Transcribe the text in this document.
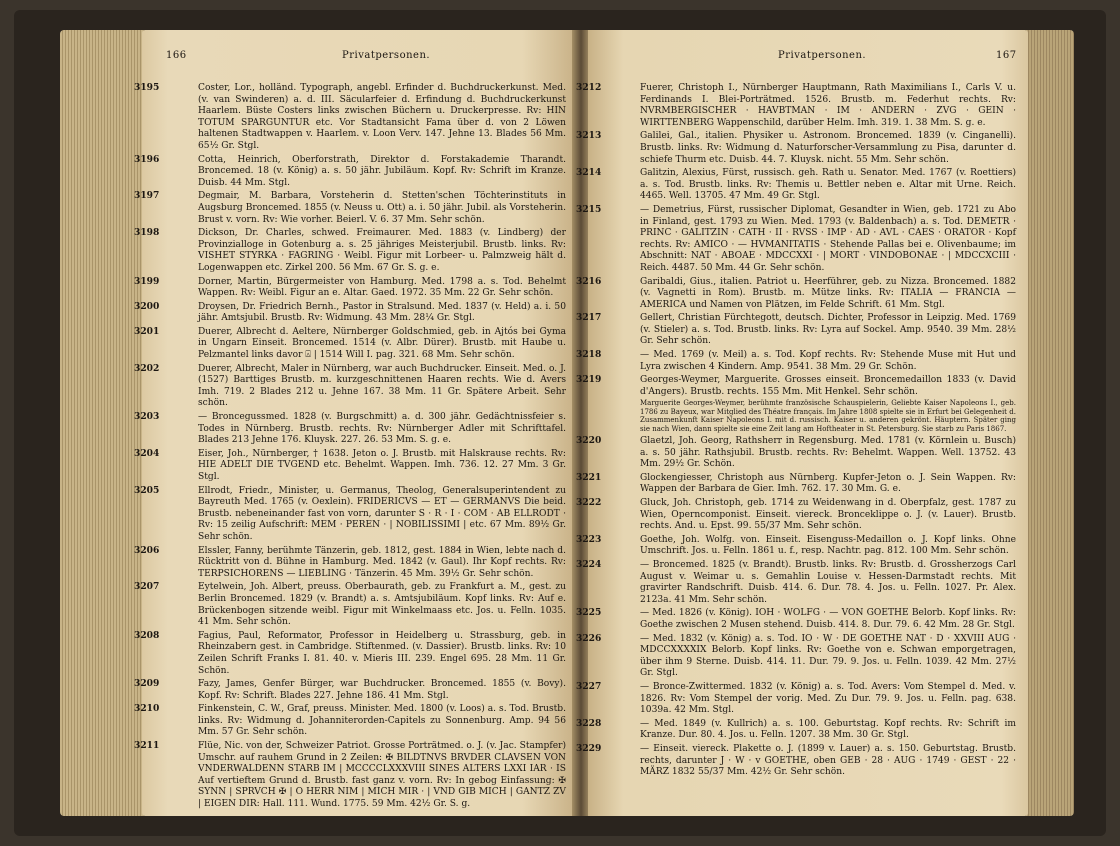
166	Privatpersonen.
3195	Coster, Lor., holländ. Typograph, angebl. Erfinder d. Buchdruckerkunst. Med. (v. van Swinderen) a. d. III. Säcularfeier d. Erfindung d. Buchdruckerkunst Haarlem. Büste Costers links zwischen Büchern u. Druckerpresse. Rv: HIN TOTUM SPARGUNTUR etc. Vor Stadtansicht Fama über d. von 2 Löwen haltenen Stadtwappen v. Haarlem. v. Loon Verv. 147. Jehne 13. Blades 56 Mm. 65½ Gr. Stgl.
3196	Cotta, Heinrich, Oberforstrath, Direktor d. Forstakademie Tharandt. Broncemed. 18 (v. König) a. s. 50 jähr. Jubiläum. Kopf. Rv: Schrift im Kranze. Duisb. 44 Mm. Stgl.
3197	Degmair, M. Barbara, Vorsteherin d. Stetten'schen Töchterinstituts in Augsburg Broncemed. 1855 (v. Neuss u. Ott) a. i. 50 jähr. Jubil. als Vorsteherin. Brust v. vorn. Rv: Wie vorher. Beierl. V. 6. 37 Mm. Sehr schön.
3198	Dickson, Dr. Charles, schwed. Freimaurer. Med. 1883 (v. Lindberg) der Provinzialloge in Gotenburg a. s. 25 jähriges Meisterjubil. Brustb. links. Rv: VISHET STYRKA · FAGRING · Weibl. Figur mit Lorbeer- u. Palmzweig hält d. Logenwappen etc. Zirkel 200. 56 Mm. 67 Gr. S. g. e.
3199	Dorner, Martin, Bürgermeister von Hamburg. Med. 1798 a. s. Tod. Behelmt Wappen. Rv: Weibl. Figur an e. Altar. Gaed. 1972. 35 Mm. 22 Gr. Sehr schön.
3200	Droysen, Dr. Friedrich Bernh., Pastor in Stralsund. Med. 1837 (v. Held) a. i. 50 jähr. Amtsjubil. Brustb. Rv: Widmung. 43 Mm. 28¼ Gr. Stgl.
3201	Duerer, Albrecht d. Aeltere, Nürnberger Goldschmied, geb. in Ajtós bei Gyma in Ungarn Einseit. Broncemed. 1514 (v. Albr. Dürer). Brustb. mit Haube u. Pelzmantel links davor ⍓ | 1514 Will I. pag. 321. 68 Mm. Sehr schön.
3202	Duerer, Albrecht, Maler in Nürnberg, war auch Buchdrucker. Einseit. Med. o. J. (1527) Barttiges Brustb. m. kurzgeschnittenen Haaren rechts. Wie d. Avers Imh. 719. 2 Blades 212 u. Jehne 167. 38 Mm. 11 Gr. Spätere Arbeit. Sehr schön.
3203	— Broncegussmed. 1828 (v. Burgschmitt) a. d. 300 jähr. Gedächtnissfeier s. Todes in Nürnberg. Brustb. rechts. Rv: Nürnberger Adler mit Schrifttafel. Blades 213 Jehne 176. Kluysk. 227. 26. 53 Mm. S. g. e.
3204	Eiser, Joh., Nürnberger, † 1638. Jeton o. J. Brustb. mit Halskrause rechts. Rv: HIE ADELT DIE TVGEND etc. Behelmt. Wappen. Imh. 736. 12. 27 Mm. 3 Gr. Stgl.
3205	Ellrodt, Friedr., Minister, u. Germanus, Theolog, Generalsuperintendent zu Bayreuth Med. 1765 (v. Oexlein). FRIDERICVS — ET — GERMANVS Die beid. Brustb. nebeneinander fast von vorn, darunter S · R · I · COM · AB ELLRODT · Rv: 15 zeilig Aufschrift: MEM · PEREN · | NOBILISSIMI | etc. 67 Mm. 89½ Gr. Sehr schön.
3206	Elssler, Fanny, berühmte Tänzerin, geb. 1812, gest. 1884 in Wien, lebte nach d. Rücktritt von d. Bühne in Hamburg. Med. 1842 (v. Gaul). Ihr Kopf rechts. Rv: TERPSICHORENS — LIEBLING · Tänzerin. 45 Mm. 39½ Gr. Sehr schön.
3207	Eytelwein, Joh. Albert, preuss. Oberbaurath, geb. zu Frankfurt a. M., gest. zu Berlin Broncemed. 1829 (v. Brandt) a. s. Amtsjubiläum. Kopf links. Rv: Auf e. Brückenbogen sitzende weibl. Figur mit Winkelmaass etc. Jos. u. Felln. 1035. 41 Mm. Sehr schön.
3208	Fagius, Paul, Reformator, Professor in Heidelberg u. Strassburg, geb. in Rheinzabern gest. in Cambridge. Stiftenmed. (v. Dassier). Brustb. links. Rv: 10 Zeilen Schrift Franks I. 81. 40. v. Mieris III. 239. Engel 695. 28 Mm. 11 Gr. Schön.
3209	Fazy, James, Genfer Bürger, war Buchdrucker. Broncemed. 1855 (v. Bovy). Kopf. Rv: Schrift. Blades 227. Jehne 186. 41 Mm. Stgl.
3210	Finkenstein, C. W., Graf, preuss. Minister. Med. 1800 (v. Loos) a. s. Tod. Brustb. links. Rv: Widmung d. Johanniterorden-Capitels zu Sonnenburg. Amp. 94 56 Mm. 57 Gr. Sehr schön.
3211	Flüe, Nic. von der, Schweizer Patriot. Grosse Porträtmed. o. J. (v. Jac. Stampfer) Umschr. auf rauhem Grund in 2 Zeilen: ✠ BILDTNVS BRVDER CLAVSEN VON VNDERWALDENN STARB IM | MCCCCLXXXVIII SINES ALTERS LXXI IAR · IS Auf vertieftem Grund d. Brustb. fast ganz v. vorn. Rv: In gebog Einfassung: ✠ SYNN | SPRVCH ✠ | O HERR NIM | MICH MIR · | VND GIB MICH | GANTZ ZV | EIGEN DIR: Hall. 111. Wund. 1775. 59 Mm. 42½ Gr. S. g.
Privatpersonen.	167
3212	Fuerer, Christoph I., Nürnberger Hauptmann, Rath Maximilians I., Carls V. u. Ferdinands I. Blei-Porträtmed. 1526. Brustb. m. Federhut rechts. Rv: NVRMBERGISCHER · HAVBTMAN · IM · ANDERN · ZVG · GEIN · WIRTTENBERG Wappenschild, darüber Helm. Imh. 319. 1. 38 Mm. S. g. e.
3213	Galilei, Gal., italien. Physiker u. Astronom. Broncemed. 1839 (v. Cinganelli). Brustb. links. Rv: Widmung d. Naturforscher-Versammlung zu Pisa, darunter d. schiefe Thurm etc. Duisb. 44. 7. Kluysk. nicht. 55 Mm. Sehr schön.
3214	Galitzin, Alexius, Fürst, russisch. geh. Rath u. Senator. Med. 1767 (v. Roettiers) a. s. Tod. Brustb. links. Rv: Themis u. Bettler neben e. Altar mit Urne. Reich. 4465. Well. 13705. 47 Mm. 49 Gr. Stgl.
3215	— Demetrius, Fürst, russischer Diplomat, Gesandter in Wien, geb. 1721 zu Abo in Finland, gest. 1793 zu Wien. Med. 1793 (v. Baldenbach) a. s. Tod. DEMETR · PRINC · GALITZIN · CATH · II · RVSS · IMP · AD · AVL · CAES · ORATOR · Kopf rechts. Rv: AMICO · — HVMANITATIS · Stehende Pallas bei e. Olivenbaume; im Abschnitt: NAT · ABOAE · MDCCXXI · | MORT · VINDOBONAE · | MDCCXCIII · Reich. 4487. 50 Mm. 44 Gr. Sehr schön.
3216	Garibaldi, Gius., italien. Patriot u. Heerführer, geb. zu Nizza. Broncemed. 1882 (v. Vagnetti in Rom). Brustb. m. Mütze links. Rv: ITALIA — FRANCIA — AMERICA und Namen von Plätzen, im Felde Schrift. 61 Mm. Stgl.
3217	Gellert, Christian Fürchtegott, deutsch. Dichter, Professor in Leipzig. Med. 1769 (v. Stieler) a. s. Tod. Brustb. links. Rv: Lyra auf Sockel. Amp. 9540. 39 Mm. 28½ Gr. Sehr schön.
3218	— Med. 1769 (v. Meil) a. s. Tod. Kopf rechts. Rv: Stehende Muse mit Hut und Lyra zwischen 4 Kindern. Amp. 9541. 38 Mm. 29 Gr. Schön.
3219	Georges-Weymer, Marguerite. Grosses einseit. Broncemedaillon 1833 (v. David d'Angers). Brustb. rechts. 155 Mm. Mit Henkel. Sehr schön.
Marguerite Georges-Weymer, berühmte französische Schauspielerin, Geliebte Kaiser Napoleons I., geb. 1786 zu Bayeux, war Mitglied des Théatre français. Im Jahre 1808 spielte sie in Erfurt bei Gelegenheit d. Zusammenkunft Kaiser Napoleons I. mit d. russisch. Kaiser u. anderen gekrönt. Häuptern. Später ging sie nach Wien, dann spielte sie eine Zeit lang am Hoftheater in St. Petersburg. Sie starb zu Paris 1867.
3220	Glaetzl, Joh. Georg, Rathsherr in Regensburg. Med. 1781 (v. Körnlein u. Busch) a. s. 50 jähr. Rathsjubil. Brustb. rechts. Rv: Behelmt. Wappen. Well. 13752. 43 Mm. 29½ Gr. Schön.
3221	Glockengiesser, Christoph aus Nürnberg. Kupfer-Jeton o. J. Sein Wappen. Rv: Wappen der Barbara de Gier. Imh. 762. 17. 30 Mm. G. e.
3222	Gluck, Joh. Christoph, geb. 1714 zu Weidenwang in d. Oberpfalz, gest. 1787 zu Wien, Operncomponist. Einseit. viereck. Bronceklippe o. J. (v. Lauer). Brustb. rechts. And. u. Epst. 99. 55/37 Mm. Sehr schön.
3223	Goethe, Joh. Wolfg. von. Einseit. Eisenguss-Medaillon o. J. Kopf links. Ohne Umschrift. Jos. u. Felln. 1861 u. f., resp. Nachtr. pag. 812. 100 Mm. Sehr schön.
3224	— Broncemed. 1825 (v. Brandt). Brustb. links. Rv: Brustb. d. Grossherzogs Carl August v. Weimar u. s. Gemahlin Louise v. Hessen-Darmstadt rechts. Mit gravirter Randschrift. Duisb. 414. 6. Dur. 78. 4. Jos. u. Felln. 1027. Pr. Alex. 2123a. 41 Mm. Sehr schön.
3225	— Med. 1826 (v. König). IOH · WOLFG · — VON GOETHE Belorb. Kopf links. Rv: Goethe zwischen 2 Musen stehend. Duisb. 414. 8. Dur. 79. 6. 42 Mm. 28 Gr. Stgl.
3226	— Med. 1832 (v. König) a. s. Tod. IO · W · DE GOETHE NAT · D · XXVIII AUG · MDCCXXXXIX Belorb. Kopf links. Rv: Goethe von e. Schwan emporgetragen, über ihm 9 Sterne. Duisb. 414. 11. Dur. 79. 9. Jos. u. Felln. 1039. 42 Mm. 27½ Gr. Stgl.
3227	— Bronce-Zwittermed. 1832 (v. König) a. s. Tod. Avers: Vom Stempel d. Med. v. 1826. Rv: Vom Stempel der vorig. Med. Zu Dur. 79. 9. Jos. u. Felln. pag. 638. 1039a. 42 Mm. Stgl.
3228	— Med. 1849 (v. Kullrich) a. s. 100. Geburtstag. Kopf rechts. Rv: Schrift im Kranze. Dur. 80. 4. Jos. u. Felln. 1207. 38 Mm. 30 Gr. Stgl.
3229	— Einseit. viereck. Plakette o. J. (1899 v. Lauer) a. s. 150. Geburtstag. Brustb. rechts, darunter J · W · v GOETHE, oben GEB · 28 · AUG · 1749 · GEST · 22 · MÄRZ 1832 55/37 Mm. 42½ Gr. Sehr schön.
